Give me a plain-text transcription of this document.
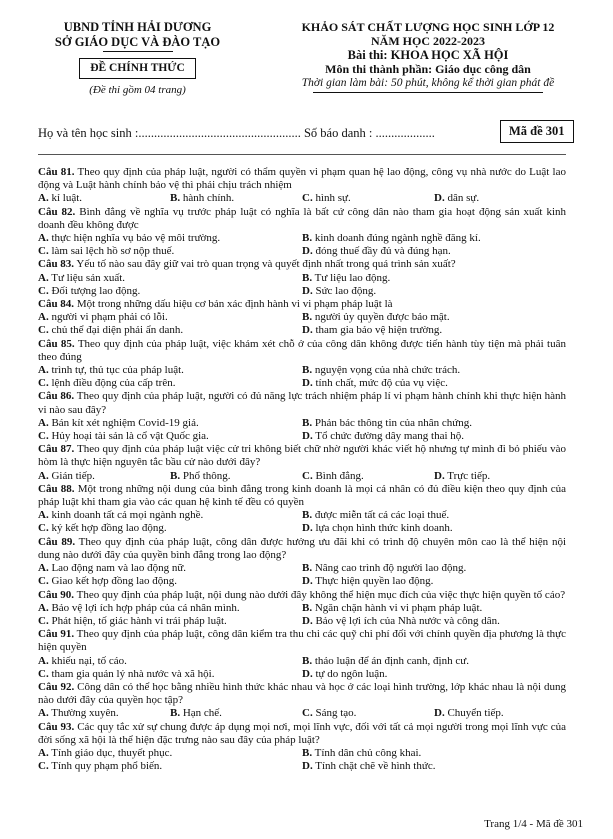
UBND TỈNH HẢI DƯƠNG
SỞ GIÁO DỤC VÀ ĐÀO TẠO
ĐỀ CHÍNH THỨC
(Đề thi gồm 04 trang)
KHẢO SÁT CHẤT LƯỢNG HỌC SINH LỚP 12
NĂM HỌC 2022-2023
Bài thi: KHOA HỌC XÃ HỘI
Môn thi thành phần: Giáo dục công dân
Thời gian làm bài: 50 phút, không kể thời gian phát đề
Họ và tên học sinh :.................................................... Số báo danh : ...................	Mã đề 301
Câu 81. Theo quy định của pháp luật, người có thẩm quyền vi phạm quan hệ lao động, công vụ nhà nước do Luật lao động và Luật hành chính bảo vệ thì phải chịu trách nhiệm
A. kỉ luật.	B. hành chính.	C. hình sự.	D. dân sự.
Câu 82. Bình đẳng về nghĩa vụ trước pháp luật có nghĩa là bất cứ công dân nào tham gia hoạt động sản xuất kinh doanh đều không được
A. thực hiện nghĩa vụ bảo vệ môi trường.	B. kinh doanh đúng ngành nghề đăng kí.
C. làm sai lệch hồ sơ nộp thuế.	D. đóng thuế đầy đủ và đúng hạn.
Câu 83. Yếu tố nào sau đây giữ vai trò quan trọng và quyết định nhất trong quá trình sản xuất?
A. Tư liệu sản xuất.	B. Tư liệu lao động.
C. Đối tượng lao động.	D. Sức lao động.
Câu 84. Một trong những dấu hiệu cơ bản xác định hành vi vi phạm pháp luật là
A. người vi phạm phải có lỗi.	B. người ủy quyền được bảo mật.
C. chủ thể đại diện phải ẩn danh.	D. tham gia bảo vệ hiện trường.
Câu 85. Theo quy định của pháp luật, việc khám xét chỗ ở của công dân không được tiến hành tùy tiện mà phải tuân theo đúng
A. trình tự, thủ tục của pháp luật.	B. nguyện vọng của nhà chức trách.
C. lệnh điều động của cấp trên.	D. tính chất, mức độ của vụ việc.
Câu 86. Theo quy định của pháp luật, người có đủ năng lực trách nhiệm pháp lí vi phạm hành chính khi thực hiện hành vi nào sau đây?
A. Bán kít xét nghiệm Covid-19 giả.	B. Phản bác thông tin của nhân chứng.
C. Hủy hoại tài sản là cổ vật Quốc gia.	D. Tổ chức đường dây mang thai hộ.
Câu 87. Theo quy định của pháp luật việc cử tri không biết chữ nhờ người khác viết hộ nhưng tự mình đi bỏ phiếu vào hòm là thực hiện nguyên tắc bầu cử nào dưới đây?
A. Gián tiếp.	B. Phổ thông.	C. Bình đẳng.	D. Trực tiếp.
Câu 88. Một trong những nội dung của bình đẳng trong kinh doanh là mọi cá nhân có đủ điều kiện theo quy định của pháp luật khi tham gia vào các quan hệ kinh tế đều có quyền
A. kinh doanh tất cả mọi ngành nghề.	B. được miễn tất cả các loại thuế.
C. ký kết hợp đồng lao động.	D. lựa chọn hình thức kinh doanh.
Câu 89. Theo quy định của pháp luật, công dân được hưởng ưu đãi khi có trình độ chuyên môn cao là thể hiện nội dung nào dưới đây của quyền bình đẳng trong lao động?
A. Lao động nam và lao động nữ.	B. Nâng cao trình độ người lao động.
C. Giao kết hợp đồng lao động.	D. Thực hiện quyền lao động.
Câu 90. Theo quy định của pháp luật, nội dung nào dưới đây không thể hiện mục đích của việc thực hiện quyền tố cáo?
A. Bảo vệ lợi ích hợp pháp của cá nhân mình.	B. Ngăn chặn hành vi vi phạm pháp luật.
C. Phát hiện, tố giác hành vi trái pháp luật.	D. Bảo vệ lợi ích của Nhà nước và công dân.
Câu 91. Theo quy định của pháp luật, công dân kiểm tra thu chi các quỹ chi phí đối với chính quyền địa phương là thực hiện quyền
A. khiếu nại, tố cáo.	B. thảo luận để án định canh, định cư.
C. tham gia quản lý nhà nước và xã hội.	D. tự do ngôn luận.
Câu 92. Công dân có thể học bằng nhiều hình thức khác nhau và học ở các loại hình trường, lớp khác nhau là nội dung nào dưới đây của quyền học tập?
A. Thường xuyên.	B. Hạn chế.	C. Sáng tạo.	D. Chuyển tiếp.
Câu 93. Các quy tắc xử sự chung được áp dụng mọi nơi, mọi lĩnh vực, đối với tất cả mọi người trong mọi lĩnh vực của đời sống xã hội là thể hiện đặc trưng nào sau đây của pháp luật?
A. Tính giáo dục, thuyết phục.	B. Tính dân chủ công khai.
C. Tính quy phạm phổ biến.	D. Tính chặt chẽ về hình thức.
Trang 1/4 - Mã đề 301
